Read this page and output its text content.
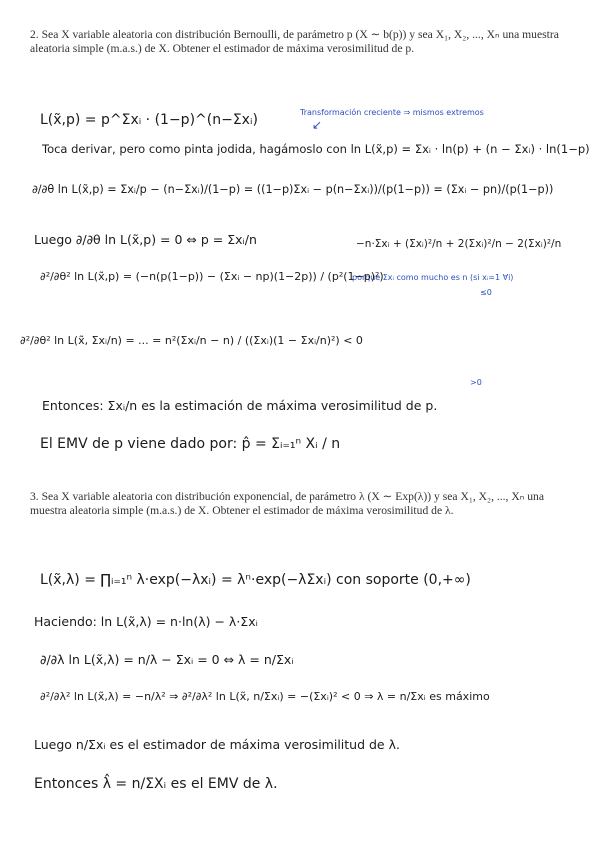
2. Sea X variable aleatoria con distribución Bernoulli, de parámetro p (X ∼ b(p)) y sea X₁, X₂, ..., Xₙ una muestra aleatoria simple (m.a.s.) de X. Obtener el estimador de máxima verosimilitud de p.
Transformación creciente ⇒ mismos extremos
↙
L(x̃,p) = p^Σxᵢ · (1−p)^(n−Σxᵢ)
Toca derivar, pero como pinta jodida, hagámoslo con ln L(x̃,p) = Σxᵢ · ln(p) + (n − Σxᵢ) · ln(1−p)
∂/∂θ ln L(x̃,p) = Σxᵢ/p − (n−Σxᵢ)/(1−p) = ((1−p)Σxᵢ − p(n−Σxᵢ))/(p(1−p)) = (Σxᵢ − pn)/(p(1−p))
Luego ∂/∂θ ln L(x̃,p) = 0 ⇔ p = Σxᵢ/n	−n·Σxᵢ + (Σxᵢ)²/n + 2(Σxᵢ)²/n − 2(Σxᵢ)²/n
porque Σxᵢ como mucho es n (si xᵢ=1 ∀i)
≤0
∂²/∂θ² ln L(x̃,p) = (−n(p(1−p)) − (Σxᵢ − np)(1−2p)) / (p²(1−p)²)
∂²/∂θ² ln L(x̃, Σxᵢ/n) = ... = n²(Σxᵢ/n − n) / ((Σxᵢ)(1 − Σxᵢ/n)²) < 0
>0
Entonces: Σxᵢ/n es la estimación de máxima verosimilitud de p.
El EMV de p viene dado por: p̂ = Σᵢ₌₁ⁿ Xᵢ / n
3. Sea X variable aleatoria con distribución exponencial, de parámetro λ (X ∼ Exp(λ)) y sea X₁, X₂, ..., Xₙ una muestra aleatoria simple (m.a.s.) de X. Obtener el estimador de máxima verosimilitud de λ.
L(x̃,λ) = ∏ᵢ₌₁ⁿ λ·exp(−λxᵢ) = λⁿ·exp(−λΣxᵢ) con soporte (0,+∞)
Haciendo: ln L(x̃,λ) = n·ln(λ) − λ·Σxᵢ
∂/∂λ ln L(x̃,λ) = n/λ − Σxᵢ = 0 ⇔ λ = n/Σxᵢ
∂²/∂λ² ln L(x̃,λ) = −n/λ² ⇒ ∂²/∂λ² ln L(x̃, n/Σxᵢ) = −(Σxᵢ)² < 0 ⇒ λ = n/Σxᵢ es máximo
Luego n/Σxᵢ es el estimador de máxima verosimilitud de λ.
Entonces λ̂ = n/ΣXᵢ es el EMV de λ.
